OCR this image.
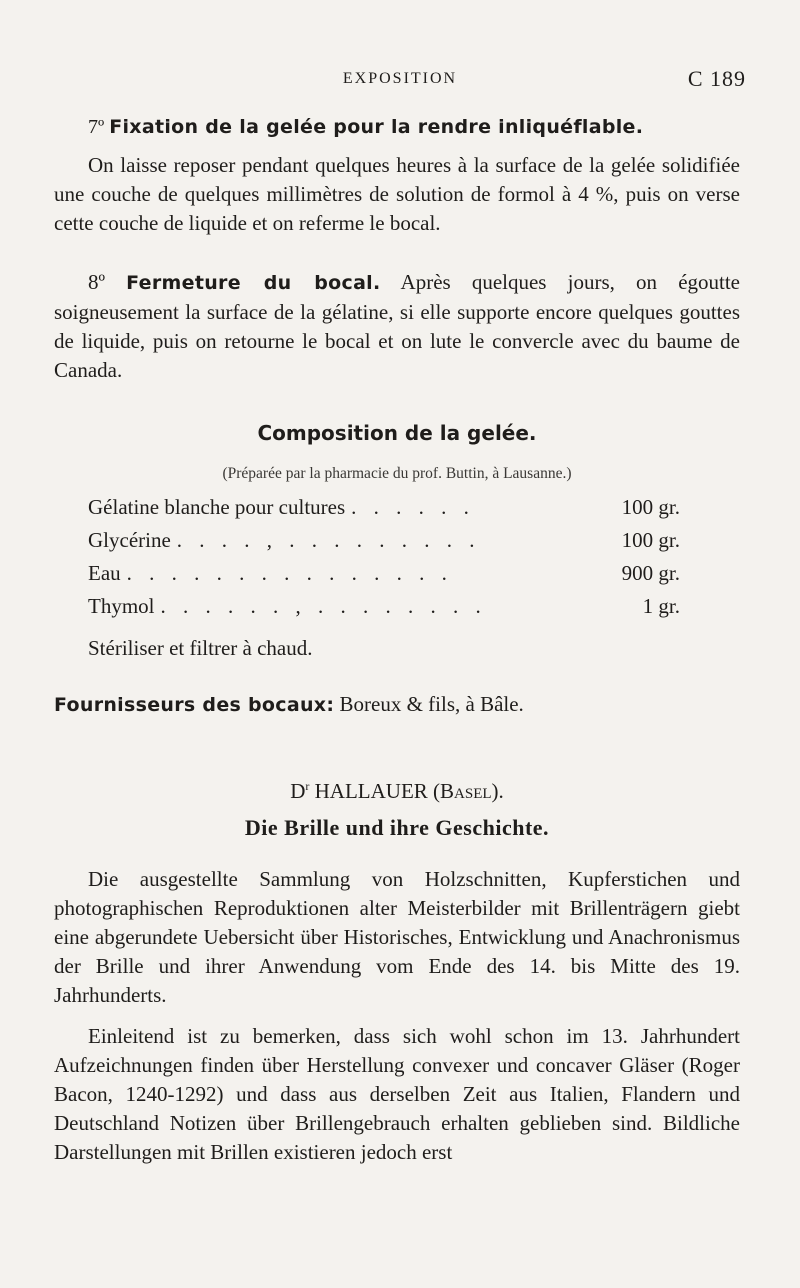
EXPOSITION	C 189

7º Fixation de la gelée pour la rendre inliquéflable.

On laisse reposer pendant quelques heures à la surface de la gelée solidifiée une couche de quelques millimètres de solution de formol à 4 %, puis on verse cette couche de liquide et on referme le bocal.

8º Fermeture du bocal. Après quelques jours, on égoutte soigneusement la surface de la gélatine, si elle supporte encore quelques gouttes de liquide, puis on retourne le bocal et on lute le convercle avec du baume de Canada.

Composition de la gelée.

(Préparée par la pharmacie du prof. Buttin, à Lausanne.)

Gélatine blanche pour cultures . . . . . .	100 gr.
Glycérine . . . . , . . . . . . . . .	100 gr.
Eau . . . . . . . . . . . . . . .	900 gr.
Thymol . . . . . . , . . . . . . . .	1 gr.

Stériliser et filtrer à chaud.

Fournisseurs des bocaux: Boreux & fils, à Bâle.

$D^r$ HALLAUER (Basel).

Die Brille und ihre Geschichte.

Die ausgestellte Sammlung von Holzschnitten, Kupferstichen und photographischen Reproduktionen alter Meisterbilder mit Brillenträgern giebt eine abgerundete Uebersicht über Historisches, Entwicklung und Anachronismus der Brille und ihrer Anwendung vom Ende des 14. bis Mitte des 19. Jahrhunderts.

Einleitend ist zu bemerken, dass sich wohl schon im 13. Jahrhundert Aufzeichnungen finden über Herstellung convexer und concaver Gläser (Roger Bacon, 1240-1292) und dass aus derselben Zeit aus Italien, Flandern und Deutschland Notizen über Brillengebrauch erhalten geblieben sind. Bildliche Darstellungen mit Brillen existieren jedoch erst
